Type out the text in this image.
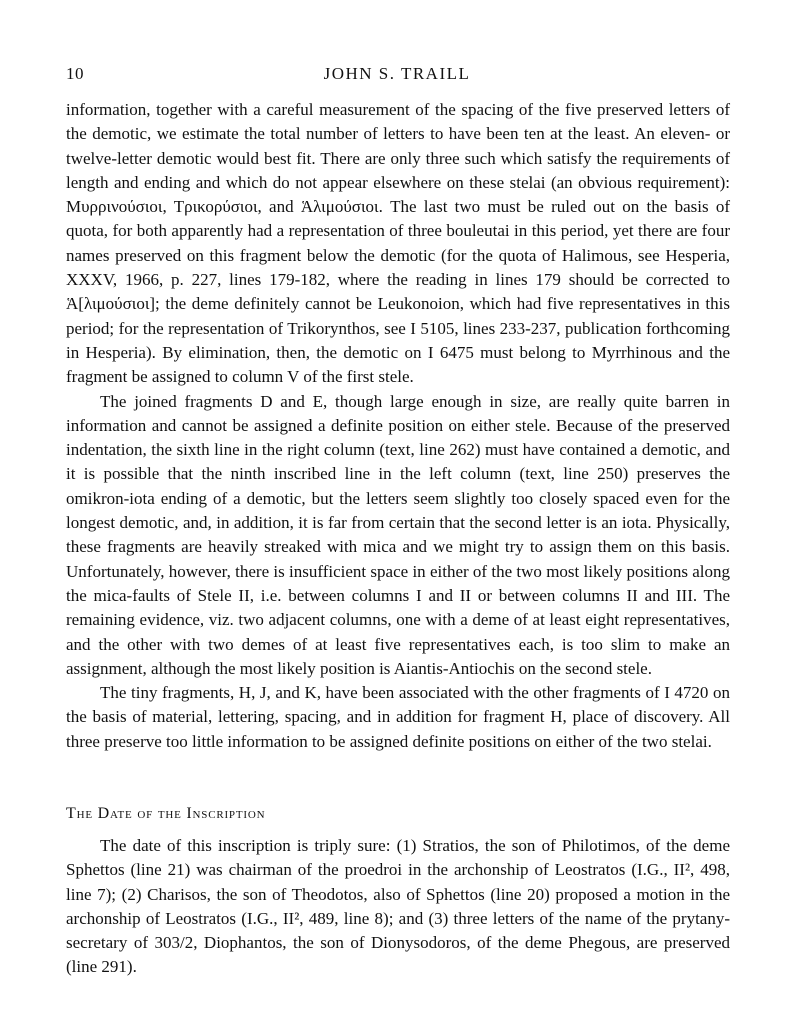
10	JOHN S. TRAILL

information, together with a careful measurement of the spacing of the five preserved letters of the demotic, we estimate the total number of letters to have been ten at the least. An eleven- or twelve-letter demotic would best fit. There are only three such which satisfy the requirements of length and ending and which do not appear elsewhere on these stelai (an obvious requirement): Μυρρινούσιοι, Τρικορύσιοι, and Ἁλιμούσιοι. The last two must be ruled out on the basis of quota, for both apparently had a representation of three bouleutai in this period, yet there are four names preserved on this fragment below the demotic (for the quota of Halimous, see Hesperia, XXXV, 1966, p. 227, lines 179-182, where the reading in lines 179 should be corrected to Ἁ[λιμούσιοι]; the deme definitely cannot be Leukonoion, which had five representatives in this period; for the representation of Trikorynthos, see I 5105, lines 233-237, publication forthcoming in Hesperia). By elimination, then, the demotic on I 6475 must belong to Myrrhinous and the fragment be assigned to column V of the first stele.

The joined fragments D and E, though large enough in size, are really quite barren in information and cannot be assigned a definite position on either stele. Because of the preserved indentation, the sixth line in the right column (text, line 262) must have contained a demotic, and it is possible that the ninth inscribed line in the left column (text, line 250) preserves the omikron-iota ending of a demotic, but the letters seem slightly too closely spaced even for the longest demotic, and, in addition, it is far from certain that the second letter is an iota. Physically, these fragments are heavily streaked with mica and we might try to assign them on this basis. Unfortunately, however, there is insufficient space in either of the two most likely positions along the mica-faults of Stele II, i.e. between columns I and II or between columns II and III. The remaining evidence, viz. two adjacent columns, one with a deme of at least eight representatives, and the other with two demes of at least five representatives each, is too slim to make an assignment, although the most likely position is Aiantis-Antiochis on the second stele.

The tiny fragments, H, J, and K, have been associated with the other fragments of I 4720 on the basis of material, lettering, spacing, and in addition for fragment H, place of discovery. All three preserve too little information to be assigned definite positions on either of the two stelai.

The Date of the Inscription

The date of this inscription is triply sure: (1) Stratios, the son of Philotimos, of the deme Sphettos (line 21) was chairman of the proedroi in the archonship of Leostratos (I.G., II², 498, line 7); (2) Charisos, the son of Theodotos, also of Sphettos (line 20) proposed a motion in the archonship of Leostratos (I.G., II², 489, line 8); and (3) three letters of the name of the prytany-secretary of 303/2, Diophantos, the son of Dionysodoros, of the deme Phegous, are preserved (line 291).
